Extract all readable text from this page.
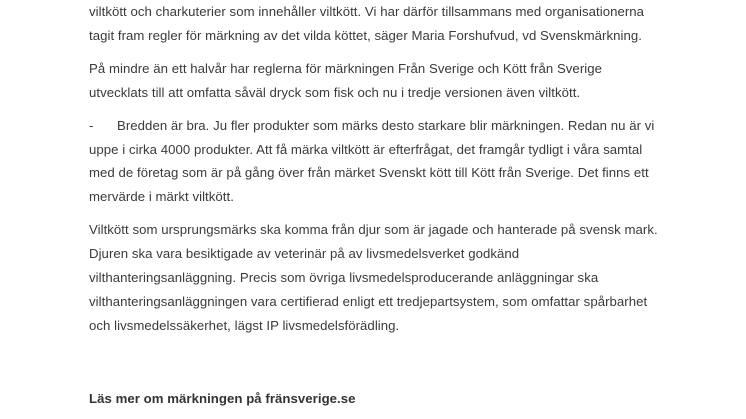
viltkött och charkuterier som innehåller viltkött. Vi har därför tillsammans med organisationerna
tagit fram regler för märkning av det vilda köttet, säger Maria Forshufvud, vd Svenskmärkning.
På mindre än ett halvår har reglerna för märkningen Från Sverige och Kött från Sverige
utvecklats till att omfatta såväl dryck som fisk och nu i tredje versionen även viltkött.
- Bredden är bra. Ju fler produkter som märks desto starkare blir märkningen. Redan nu är vi
uppe i cirka 4000 produkter. Att få märka viltkött är efterfrågat, det framgår tydligt i våra samtal
med de företag som är på gång över från märket Svenskt kött till Kött från Sverige. Det finns ett
mervärde i märkt viltkött.
Viltkött som ursprungsmärks ska komma från djur som är jagade och hanterade på svensk mark.
Djuren ska vara besiktigade av veterinär på av livsmedelsverket godkänd
vilthanteringsanläggning. Precis som övriga livsmedelsproducerande anläggningar ska
vilthanteringsanläggningen vara certifierad enligt ett tredjepartsystem, som omfattar spårbarhet
och livsmedelssäkerhet, lägst IP livsmedelsförädling.
Läs mer om märkningen på fränsverige.se
